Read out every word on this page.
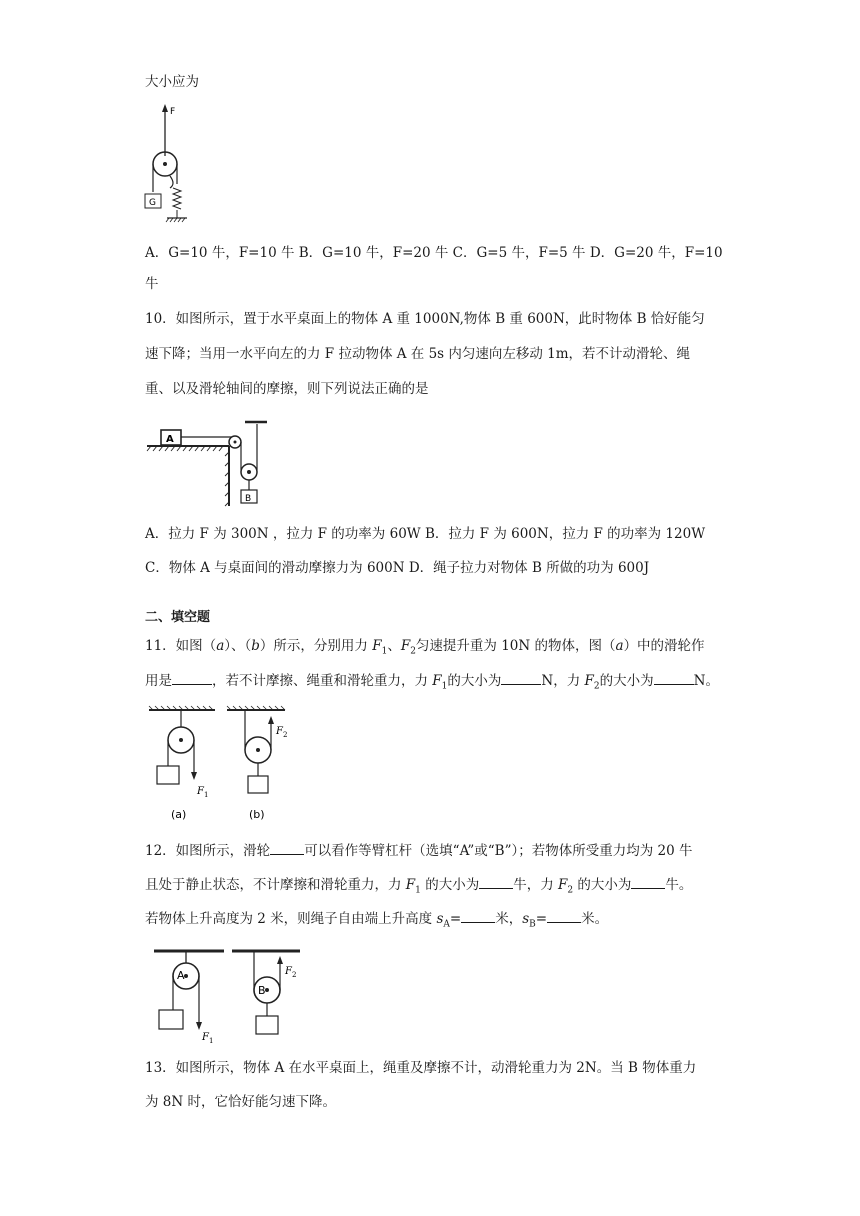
大小应为
F
G
A．G=10 牛，F=10 牛 B．G=10 牛，F=20 牛 C．G=5 牛，F=5 牛 D．G=20 牛，F=10
牛
10．如图所示，置于水平桌面上的物体 A 重 1000N,物体 B 重 600N，此时物体 B 恰好能匀
速下降；当用一水平向左的力 F 拉动物体 A 在 5s 内匀速向左移动 1m，若不计动滑轮、绳
重、以及滑轮轴间的摩擦，则下列说法正确的是
A
B
A．拉力 F 为 300N ，拉力 F 的功率为 60W B．拉力 F 为 600N，拉力 F 的功率为 120W
C．物体 A 与桌面间的滑动摩擦力为 600N D．绳子拉力对物体 B 所做的功为 600J
二、填空题
11．如图（a）、（b）所示，分别用力 $F_1$、$F_2$匀速提升重为 10N 的物体，图（a）中的滑轮作
用是	，若不计摩擦、绳重和滑轮重力，力 $F_1$的大小为	N，力 $F_2$的大小为	N。
F 1
(a)
F 2
(b)
12．如图所示，滑轮	可以看作等臂杠杆（选填“A”或“B”）；若物体所受重力均为 20 牛
且处于静止状态，不计摩擦和滑轮重力，力 $F_1$ 的大小为	牛，力 $F_2$ 的大小为	牛。
若物体上升高度为 2 米，则绳子自由端上升高度 $s_A=$	米，$s_B=$	米。
A
F 1
B
F 2
13．如图所示，物体 A 在水平桌面上，绳重及摩擦不计，动滑轮重力为 2N。当 B 物体重力
为 8N 时，它恰好能匀速下降。
